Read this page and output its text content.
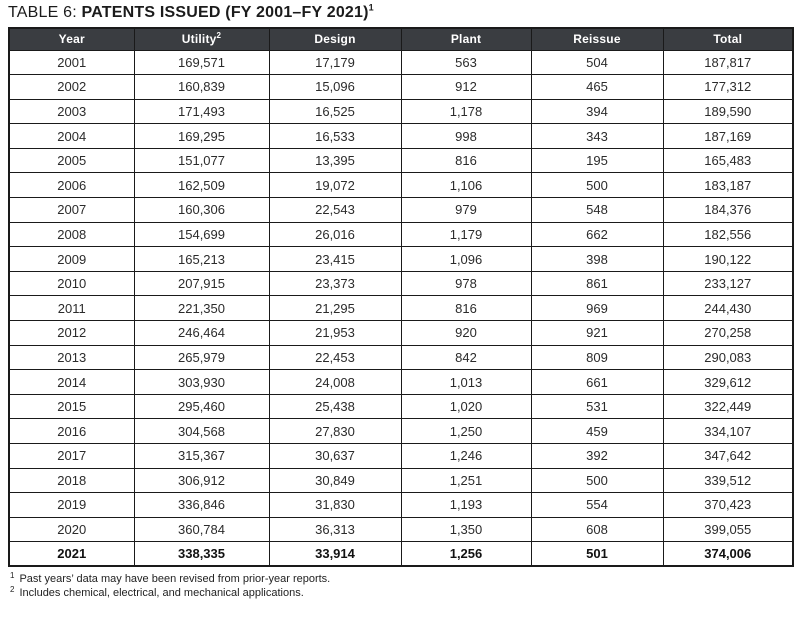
TABLE 6: PATENTS ISSUED (FY 2001–FY 2021)$^1$
Year	Utility$^2$	Design	Plant	Reissue	Total
2001	169,571	17,179	563	504	187,817
2002	160,839	15,096	912	465	177,312
2003	171,493	16,525	1,178	394	189,590
2004	169,295	16,533	998	343	187,169
2005	151,077	13,395	816	195	165,483
2006	162,509	19,072	1,106	500	183,187
2007	160,306	22,543	979	548	184,376
2008	154,699	26,016	1,179	662	182,556
2009	165,213	23,415	1,096	398	190,122
2010	207,915	23,373	978	861	233,127
2011	221,350	21,295	816	969	244,430
2012	246,464	21,953	920	921	270,258
2013	265,979	22,453	842	809	290,083
2014	303,930	24,008	1,013	661	329,612
2015	295,460	25,438	1,020	531	322,449
2016	304,568	27,830	1,250	459	334,107
2017	315,367	30,637	1,246	392	347,642
2018	306,912	30,849	1,251	500	339,512
2019	336,846	31,830	1,193	554	370,423
2020	360,784	36,313	1,350	608	399,055
2021	338,335	33,914	1,256	501	374,006
$^1$ Past years’ data may have been revised from prior-year reports.
$^2$ Includes chemical, electrical, and mechanical applications.
